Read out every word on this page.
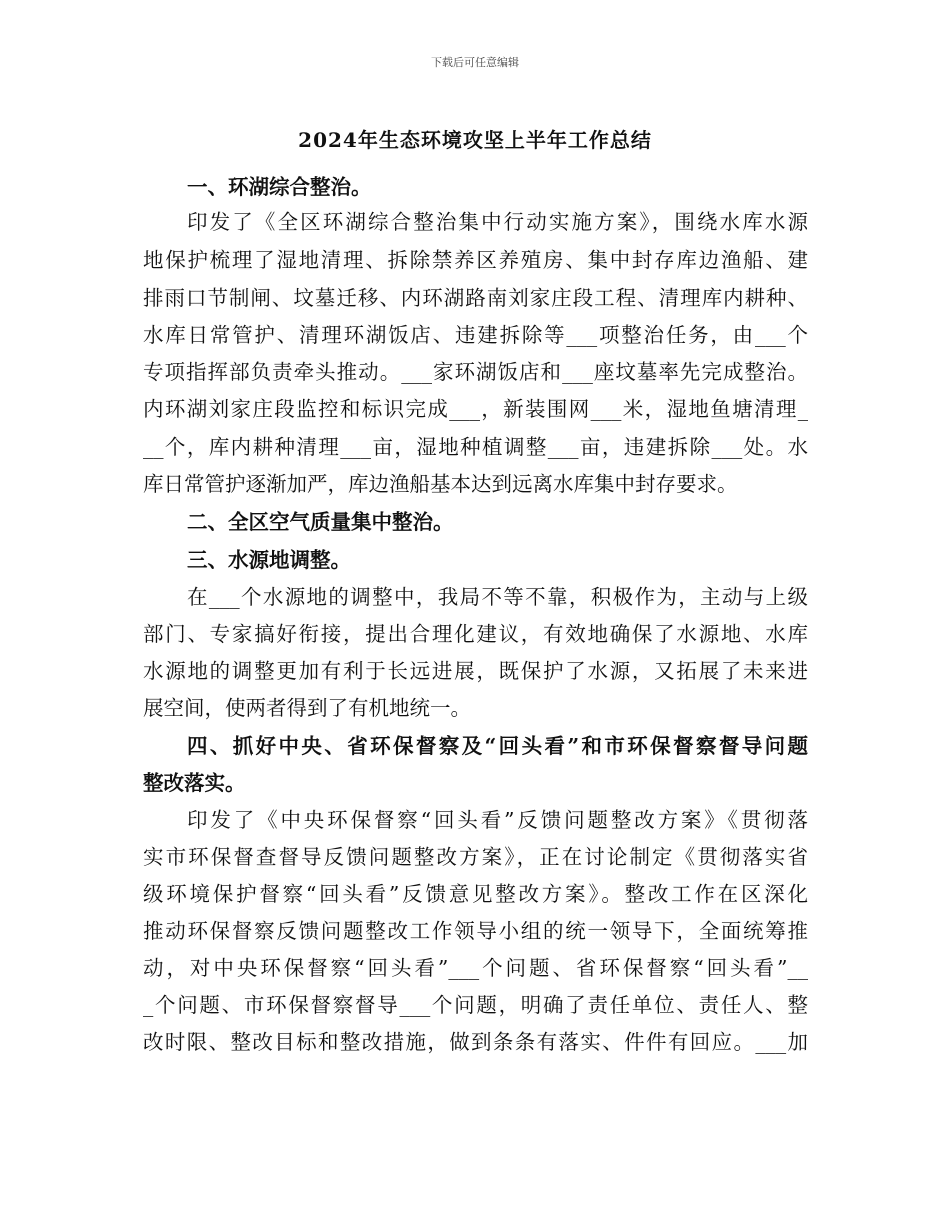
下载后可任意编辑
2024年生态环境攻坚上半年工作总结
一、环湖综合整治。
印发了《全区环湖综合整治集中行动实施方案》，围绕水库水源
地保护梳理了湿地清理、拆除禁养区养殖房、集中封存库边渔船、建
排雨口节制闸、坟墓迁移、内环湖路南刘家庄段工程、清理库内耕种、
水库日常管护、清理环湖饭店、违建拆除等___项整治任务，由___个
专项指挥部负责牵头推动。___家环湖饭店和___座坟墓率先完成整治。
内环湖刘家庄段监控和标识完成___，新装围网___米，湿地鱼塘清理_
__个，库内耕种清理___亩，湿地种植调整___亩，违建拆除___处。水
库日常管护逐渐加严，库边渔船基本达到远离水库集中封存要求。
二、全区空气质量集中整治。
三、水源地调整。
在___个水源地的调整中，我局不等不靠，积极作为，主动与上级
部门、专家搞好衔接，提出合理化建议，有效地确保了水源地、水库
水源地的调整更加有利于长远进展，既保护了水源，又拓展了未来进
展空间，使两者得到了有机地统一。
四、抓好中央、省环保督察及“回头看”和市环保督察督导问题
整改落实。
印发了《中央环保督察“回头看”反馈问题整改方案》《贯彻落
实市环保督查督导反馈问题整改方案》，正在讨论制定《贯彻落实省
级环境保护督察“回头看”反馈意见整改方案》。整改工作在区深化
推动环保督察反馈问题整改工作领导小组的统一领导下，全面统筹推
动，对中央环保督察“回头看”___个问题、省环保督察“回头看”__
_个问题、市环保督察督导___个问题，明确了责任单位、责任人、整
改时限、整改目标和整改措施，做到条条有落实、件件有回应。___加
